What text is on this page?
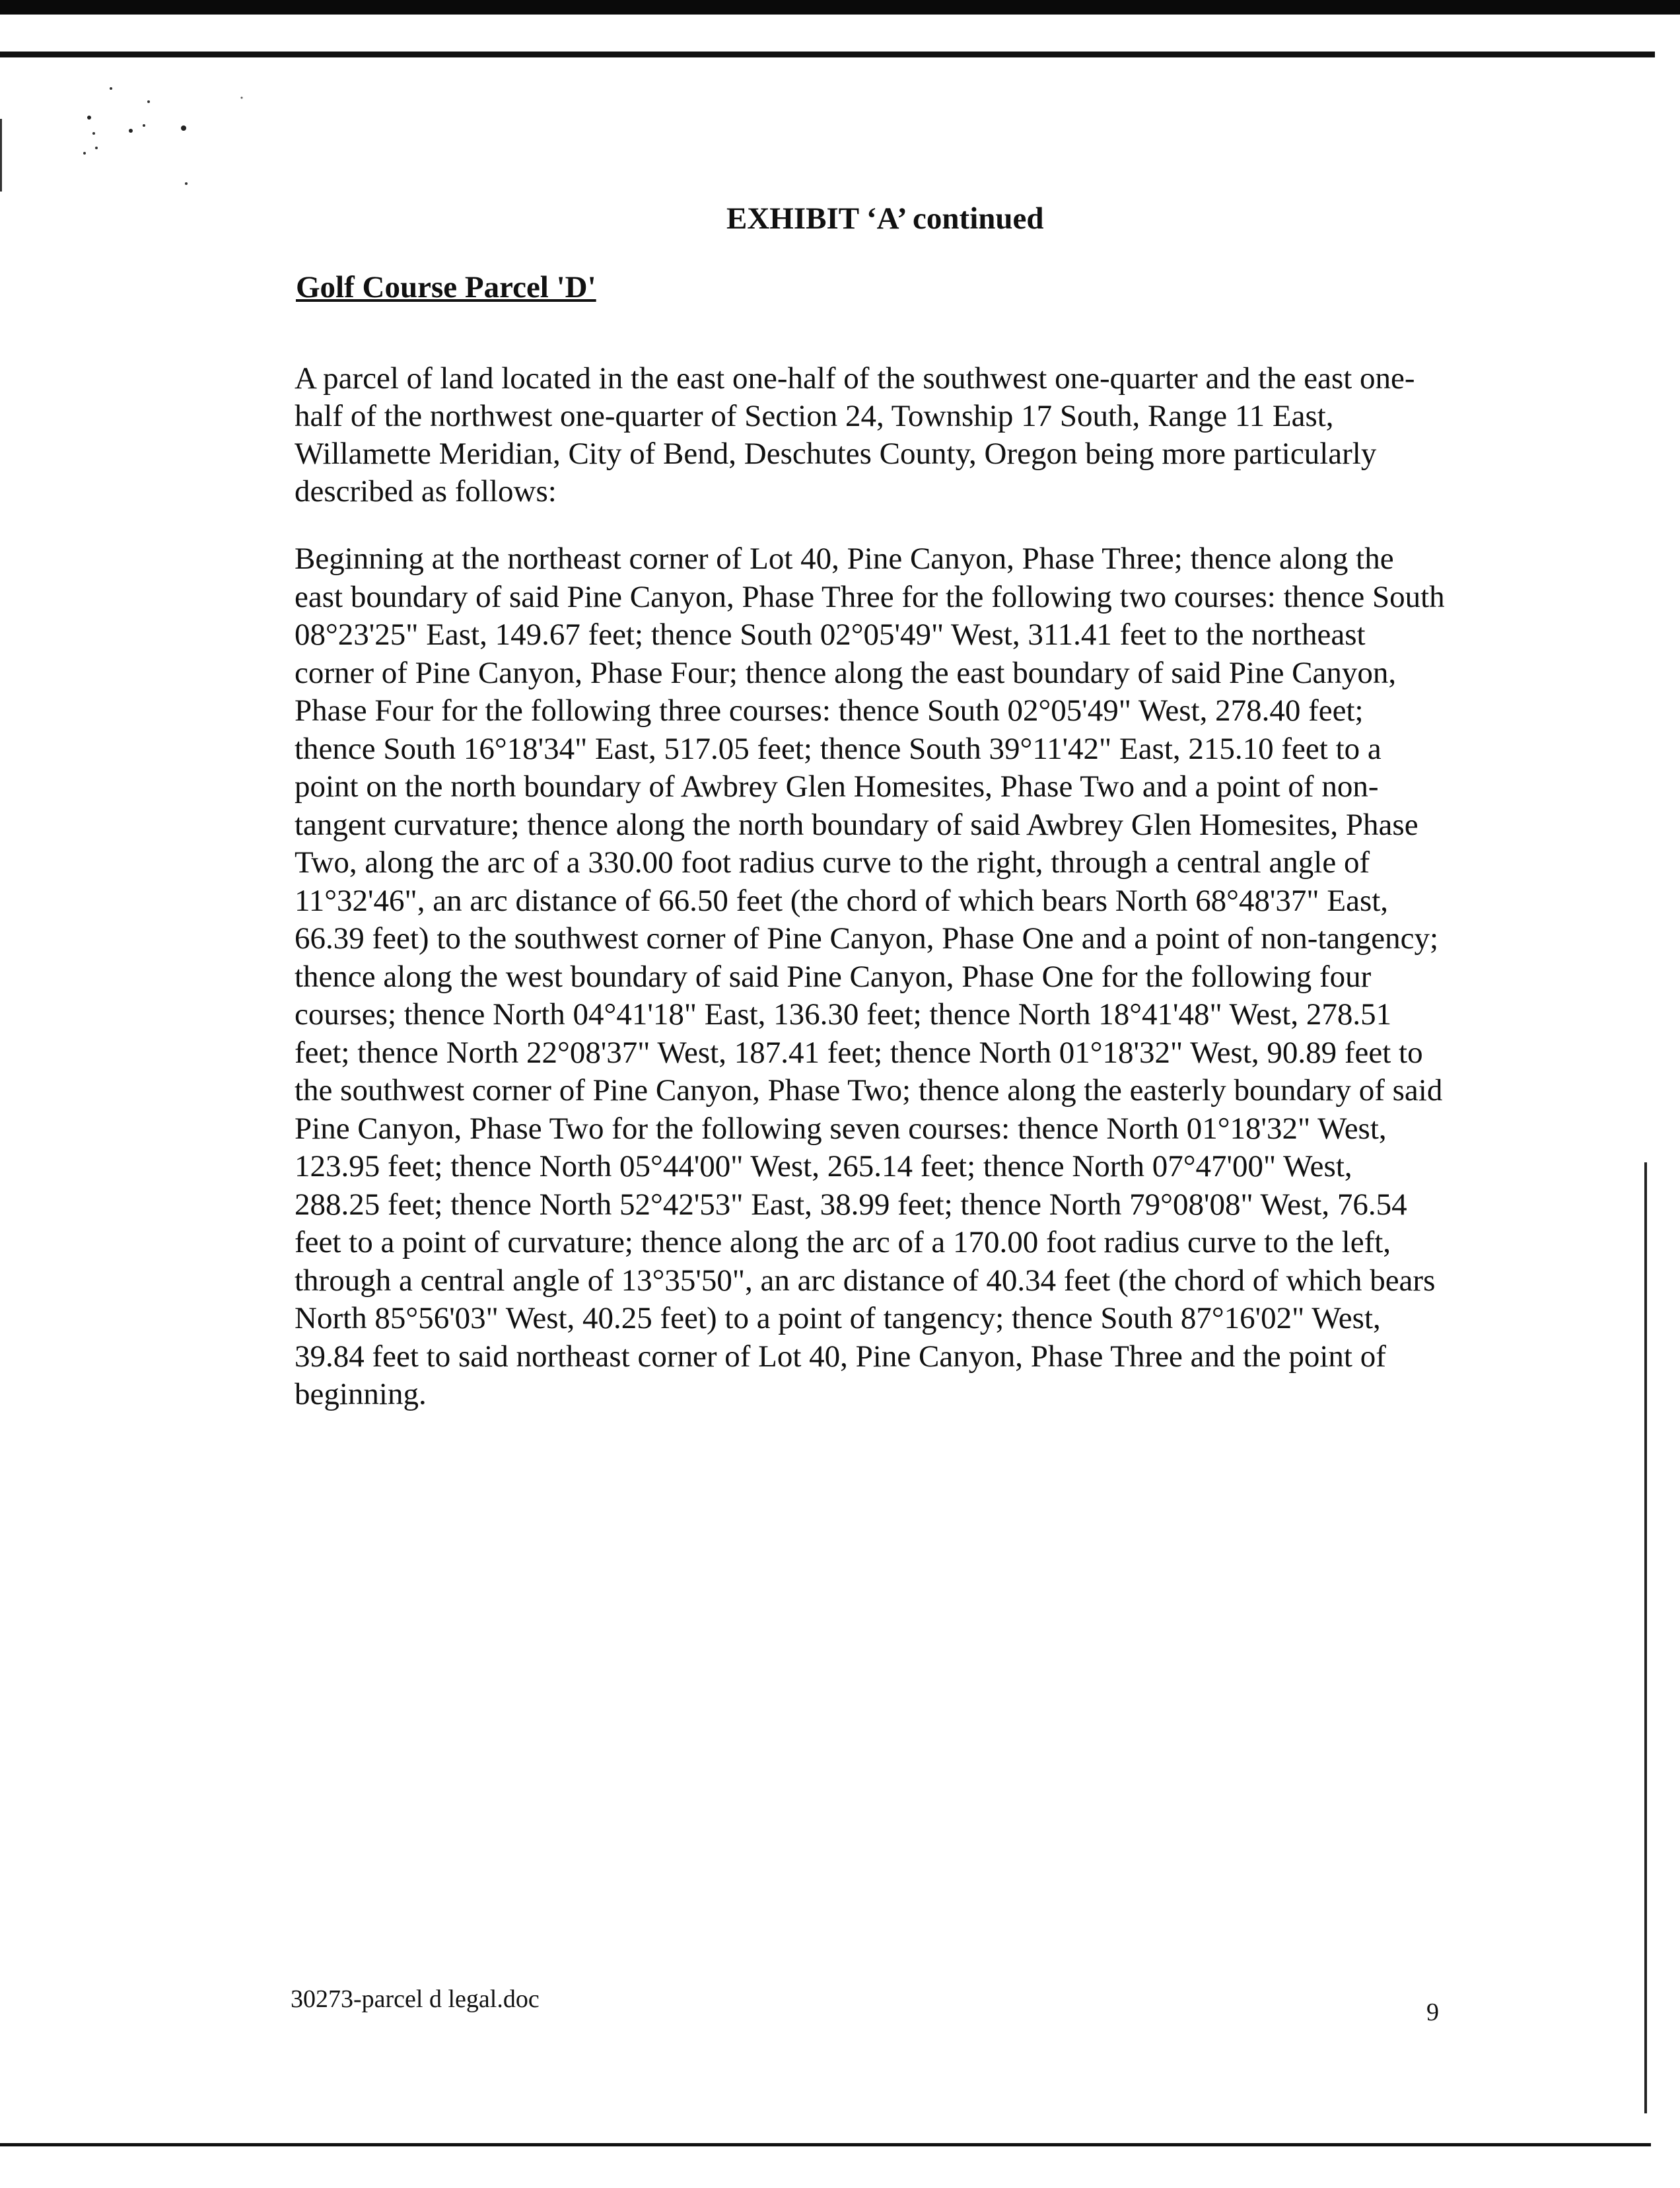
EXHIBIT ‘A’ continued
Golf Course Parcel 'D'
A parcel of land located in the east one-half of the southwest one-quarter and the east one-
half of the northwest one-quarter of Section 24, Township 17 South, Range 11 East,
Willamette Meridian, City of Bend, Deschutes County, Oregon being more particularly
described as follows:
Beginning at the northeast corner of Lot 40, Pine Canyon, Phase Three; thence along the
east boundary of said Pine Canyon, Phase Three for the following two courses: thence South
08°23'25" East, 149.67 feet; thence South 02°05'49" West, 311.41 feet to the northeast
corner of Pine Canyon, Phase Four; thence along the east boundary of said Pine Canyon,
Phase Four for the following three courses: thence South 02°05'49" West, 278.40 feet;
thence South 16°18'34" East, 517.05 feet; thence South 39°11'42" East, 215.10 feet to a
point on the north boundary of Awbrey Glen Homesites, Phase Two and a point of non-
tangent curvature; thence along the north boundary of said Awbrey Glen Homesites, Phase
Two, along the arc of a 330.00 foot radius curve to the right, through a central angle of
11°32'46", an arc distance of 66.50 feet (the chord of which bears North 68°48'37" East,
66.39 feet) to the southwest corner of Pine Canyon, Phase One and a point of non-tangency;
thence along the west boundary of said Pine Canyon, Phase One for the following four
courses; thence North 04°41'18" East, 136.30 feet; thence North 18°41'48" West, 278.51
feet; thence North 22°08'37" West, 187.41 feet; thence North 01°18'32" West, 90.89 feet to
the southwest corner of Pine Canyon, Phase Two; thence along the easterly boundary of said
Pine Canyon, Phase Two for the following seven courses: thence North 01°18'32" West,
123.95 feet; thence North 05°44'00" West, 265.14 feet; thence North 07°47'00" West,
288.25 feet; thence North 52°42'53" East, 38.99 feet; thence North 79°08'08" West, 76.54
feet to a point of curvature; thence along the arc of a 170.00 foot radius curve to the left,
through a central angle of 13°35'50", an arc distance of 40.34 feet (the chord of which bears
North 85°56'03" West, 40.25 feet) to a point of tangency; thence South 87°16'02" West,
39.84 feet to said northeast corner of Lot 40, Pine Canyon, Phase Three and the point of
beginning.
30273-parcel d legal.doc	9
